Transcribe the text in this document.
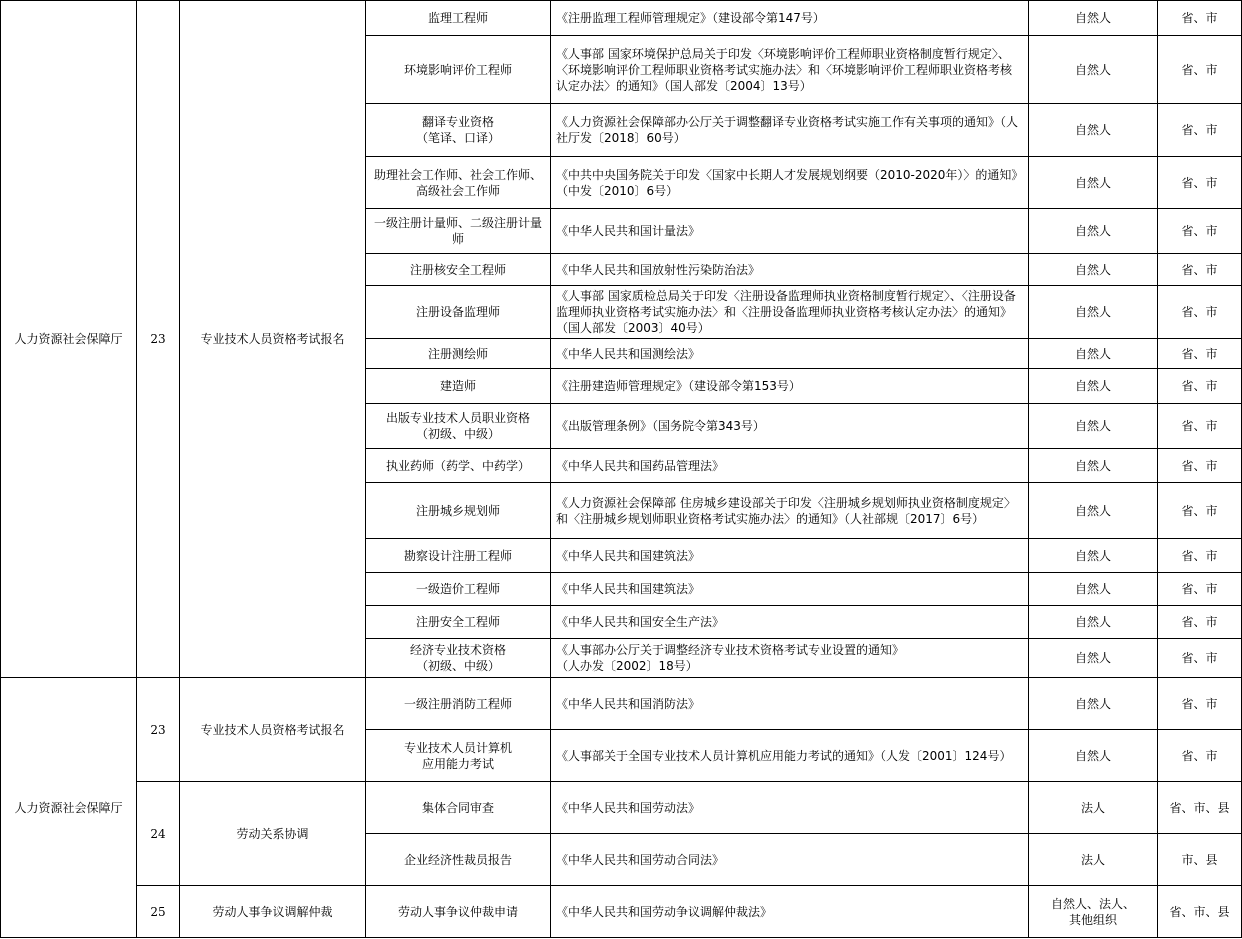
人力资源社会保障厅	23	专业技术人员资格考试报名	监理工程师	《注册监理工程师管理规定》（建设部令第147号）	自然人	省、市
			环境影响评价工程师	《人事部 国家环境保护总局关于印发〈环境影响评价工程师职业资格制度暂行规定〉、〈环境影响评价工程师职业资格考试实施办法〉和〈环境影响评价工程师职业资格考核认定办法〉的通知》（国人部发〔2004〕13号）	自然人	省、市
			翻译专业资格
（笔译、口译）	《人力资源社会保障部办公厅关于调整翻译专业资格考试实施工作有关事项的通知》（人社厅发〔2018〕60号）	自然人	省、市
			助理社会工作师、社会工作师、高级社会工作师	《中共中央国务院关于印发〈国家中长期人才发展规划纲要（2010-2020年）〉的通知》（中发〔2010〕6号）	自然人	省、市
			一级注册计量师、二级注册计量师	《中华人民共和国计量法》	自然人	省、市
			注册核安全工程师	《中华人民共和国放射性污染防治法》	自然人	省、市
			注册设备监理师	《人事部 国家质检总局关于印发〈注册设备监理师执业资格制度暂行规定〉、〈注册设备监理师执业资格考试实施办法〉和〈注册设备监理师执业资格考核认定办法〉的通知》（国人部发〔2003〕40号）	自然人	省、市
			注册测绘师	《中华人民共和国测绘法》	自然人	省、市
			建造师	《注册建造师管理规定》（建设部令第153号）	自然人	省、市
			出版专业技术人员职业资格
（初级、中级）	《出版管理条例》（国务院令第343号）	自然人	省、市
			执业药师（药学、中药学）	《中华人民共和国药品管理法》	自然人	省、市
			注册城乡规划师	《人力资源社会保障部 住房城乡建设部关于印发〈注册城乡规划师执业资格制度规定〉和〈注册城乡规划师职业资格考试实施办法〉的通知》（人社部规〔2017〕6号）	自然人	省、市
			勘察设计注册工程师	《中华人民共和国建筑法》	自然人	省、市
			一级造价工程师	《中华人民共和国建筑法》	自然人	省、市
			注册安全工程师	《中华人民共和国安全生产法》	自然人	省、市
			经济专业技术资格
（初级、中级）	《人事部办公厅关于调整经济专业技术资格考试专业设置的通知》
（人办发〔2002〕18号）	自然人	省、市
人力资源社会保障厅	23	专业技术人员资格考试报名	一级注册消防工程师	《中华人民共和国消防法》	自然人	省、市
			专业技术人员计算机
应用能力考试	《人事部关于全国专业技术人员计算机应用能力考试的通知》（人发〔2001〕124号）	自然人	省、市
	24	劳动关系协调	集体合同审查	《中华人民共和国劳动法》	法人	省、市、县
			企业经济性裁员报告	《中华人民共和国劳动合同法》	法人	市、县
	25	劳动人事争议调解仲裁	劳动人事争议仲裁申请	《中华人民共和国劳动争议调解仲裁法》	自然人、法人、
其他组织	省、市、县
